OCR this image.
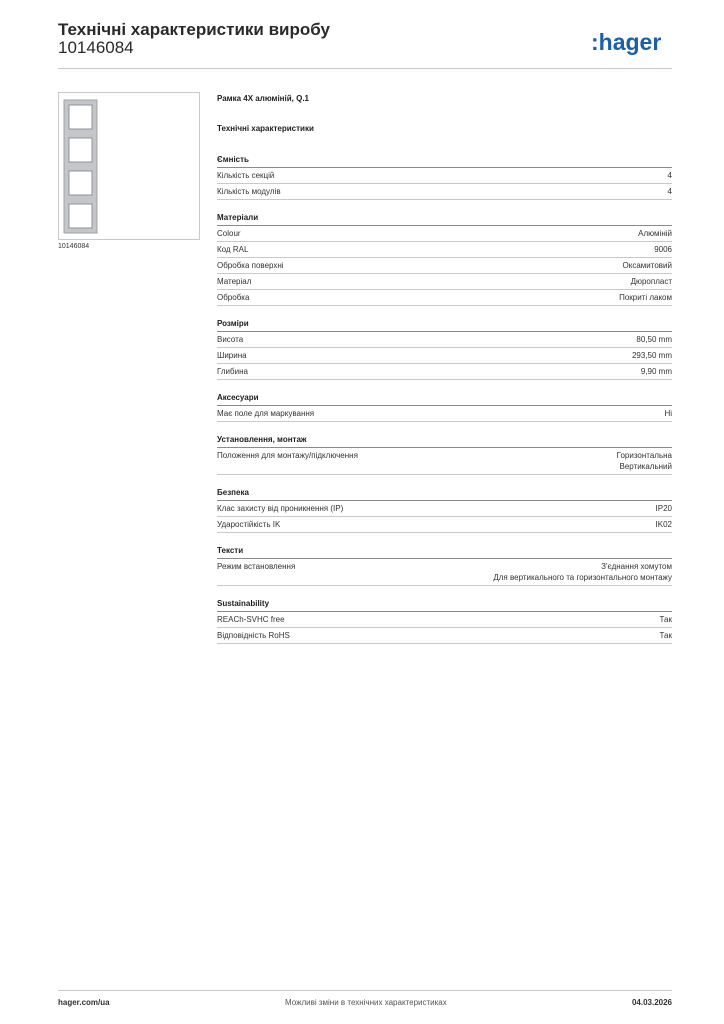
Технічні характеристики виробу
10146084	:hager
10146084
Рамка 4Х алюміній, Q.1
Технічні характеристики
Ємність
Кількість секцій	4
Кількість модулів	4
Матеріали
Colour	Алюміній
Код RAL	9006
Обробка поверхні	Оксамитовий
Матеріал	Дюропласт
Обробка	Покриті лаком
Розміри
Висота	80,50 mm
Ширина	293,50 mm
Глибина	9,90 mm
Аксесуари
Має поле для маркування	Ні
Установлення, монтаж
Положення для монтажу/підключення	Горизонтальна
Вертикальний
Безпека
Клас захисту від проникнення (IP)	IP20
Ударостійкість IK	IK02
Тексти
Режим встановлення	З'єднання хомутом
Для вертикального та горизонтального монтажу
Sustainability
REACh-SVHC free	Так
Відповідність RoHS	Так
hager.com/ua	Можливі зміни в технічних характеристиках	04.03.2026
